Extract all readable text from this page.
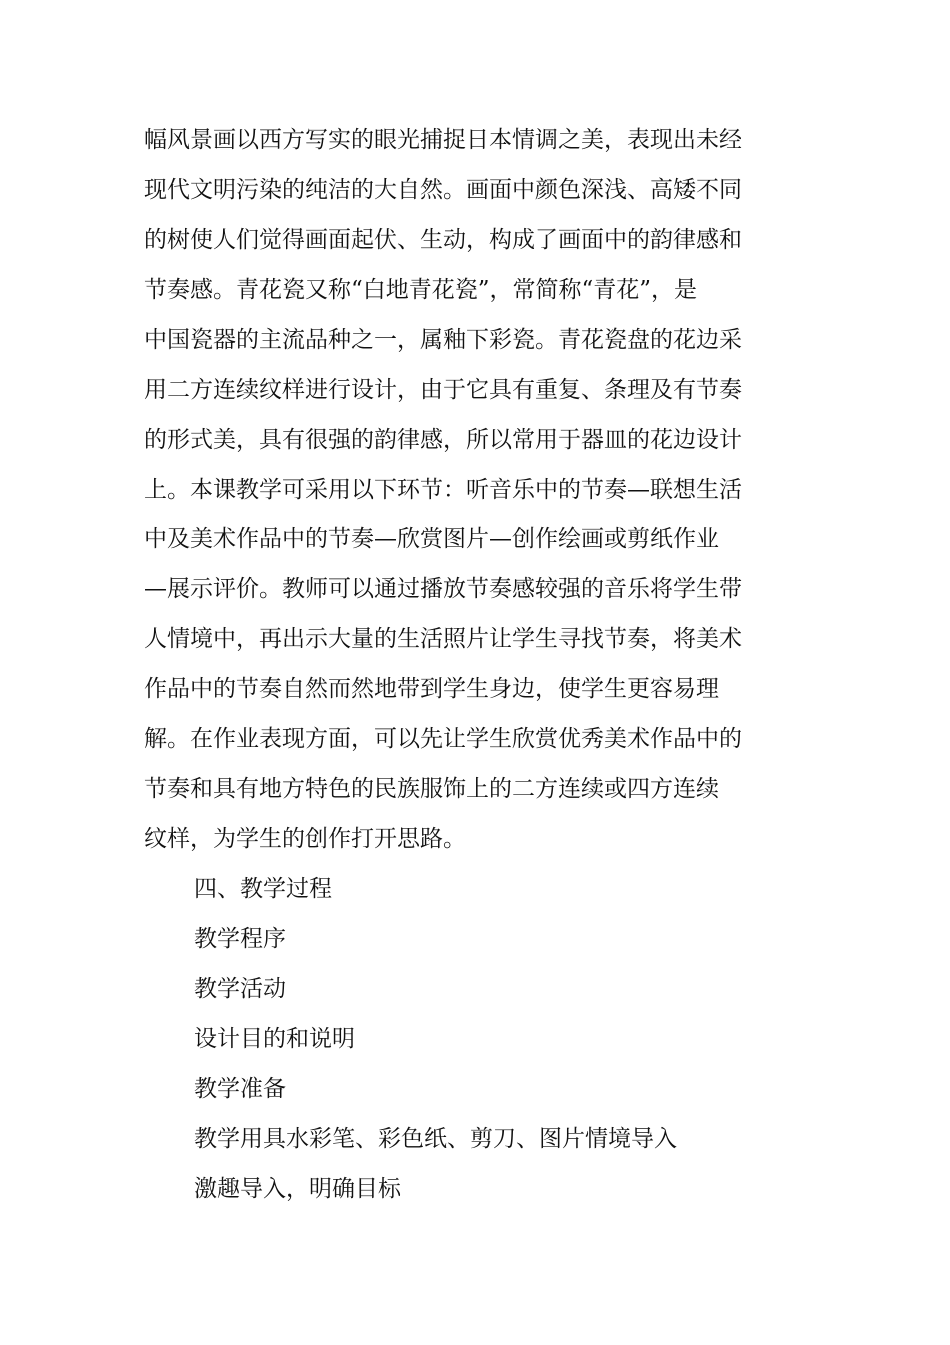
幅风景画以西方写实的眼光捕捉日本情调之美，表现出未经
现代文明污染的纯洁的大自然。画面中颜色深浅、高矮不同
的树使人们觉得画面起伏、生动，构成了画面中的韵律感和
节奏感。青花瓷又称“白地青花瓷”，常简称“青花”，是
中国瓷器的主流品种之一，属釉下彩瓷。青花瓷盘的花边采
用二方连续纹样进行设计，由于它具有重复、条理及有节奏
的形式美，具有很强的韵律感，所以常用于器皿的花边设计
上。本课教学可采用以下环节：听音乐中的节奏—联想生活
中及美术作品中的节奏—欣赏图片—创作绘画或剪纸作业
—展示评价。教师可以通过播放节奏感较强的音乐将学生带
人情境中，再出示大量的生活照片让学生寻找节奏，将美术
作品中的节奏自然而然地带到学生身边，使学生更容易理
解。在作业表现方面，可以先让学生欣赏优秀美术作品中的
节奏和具有地方特色的民族服饰上的二方连续或四方连续
纹样，为学生的创作打开思路。
四、教学过程
教学程序
教学活动
设计目的和说明
教学准备
教学用具水彩笔、彩色纸、剪刀、图片情境导入
激趣导入，明确目标
